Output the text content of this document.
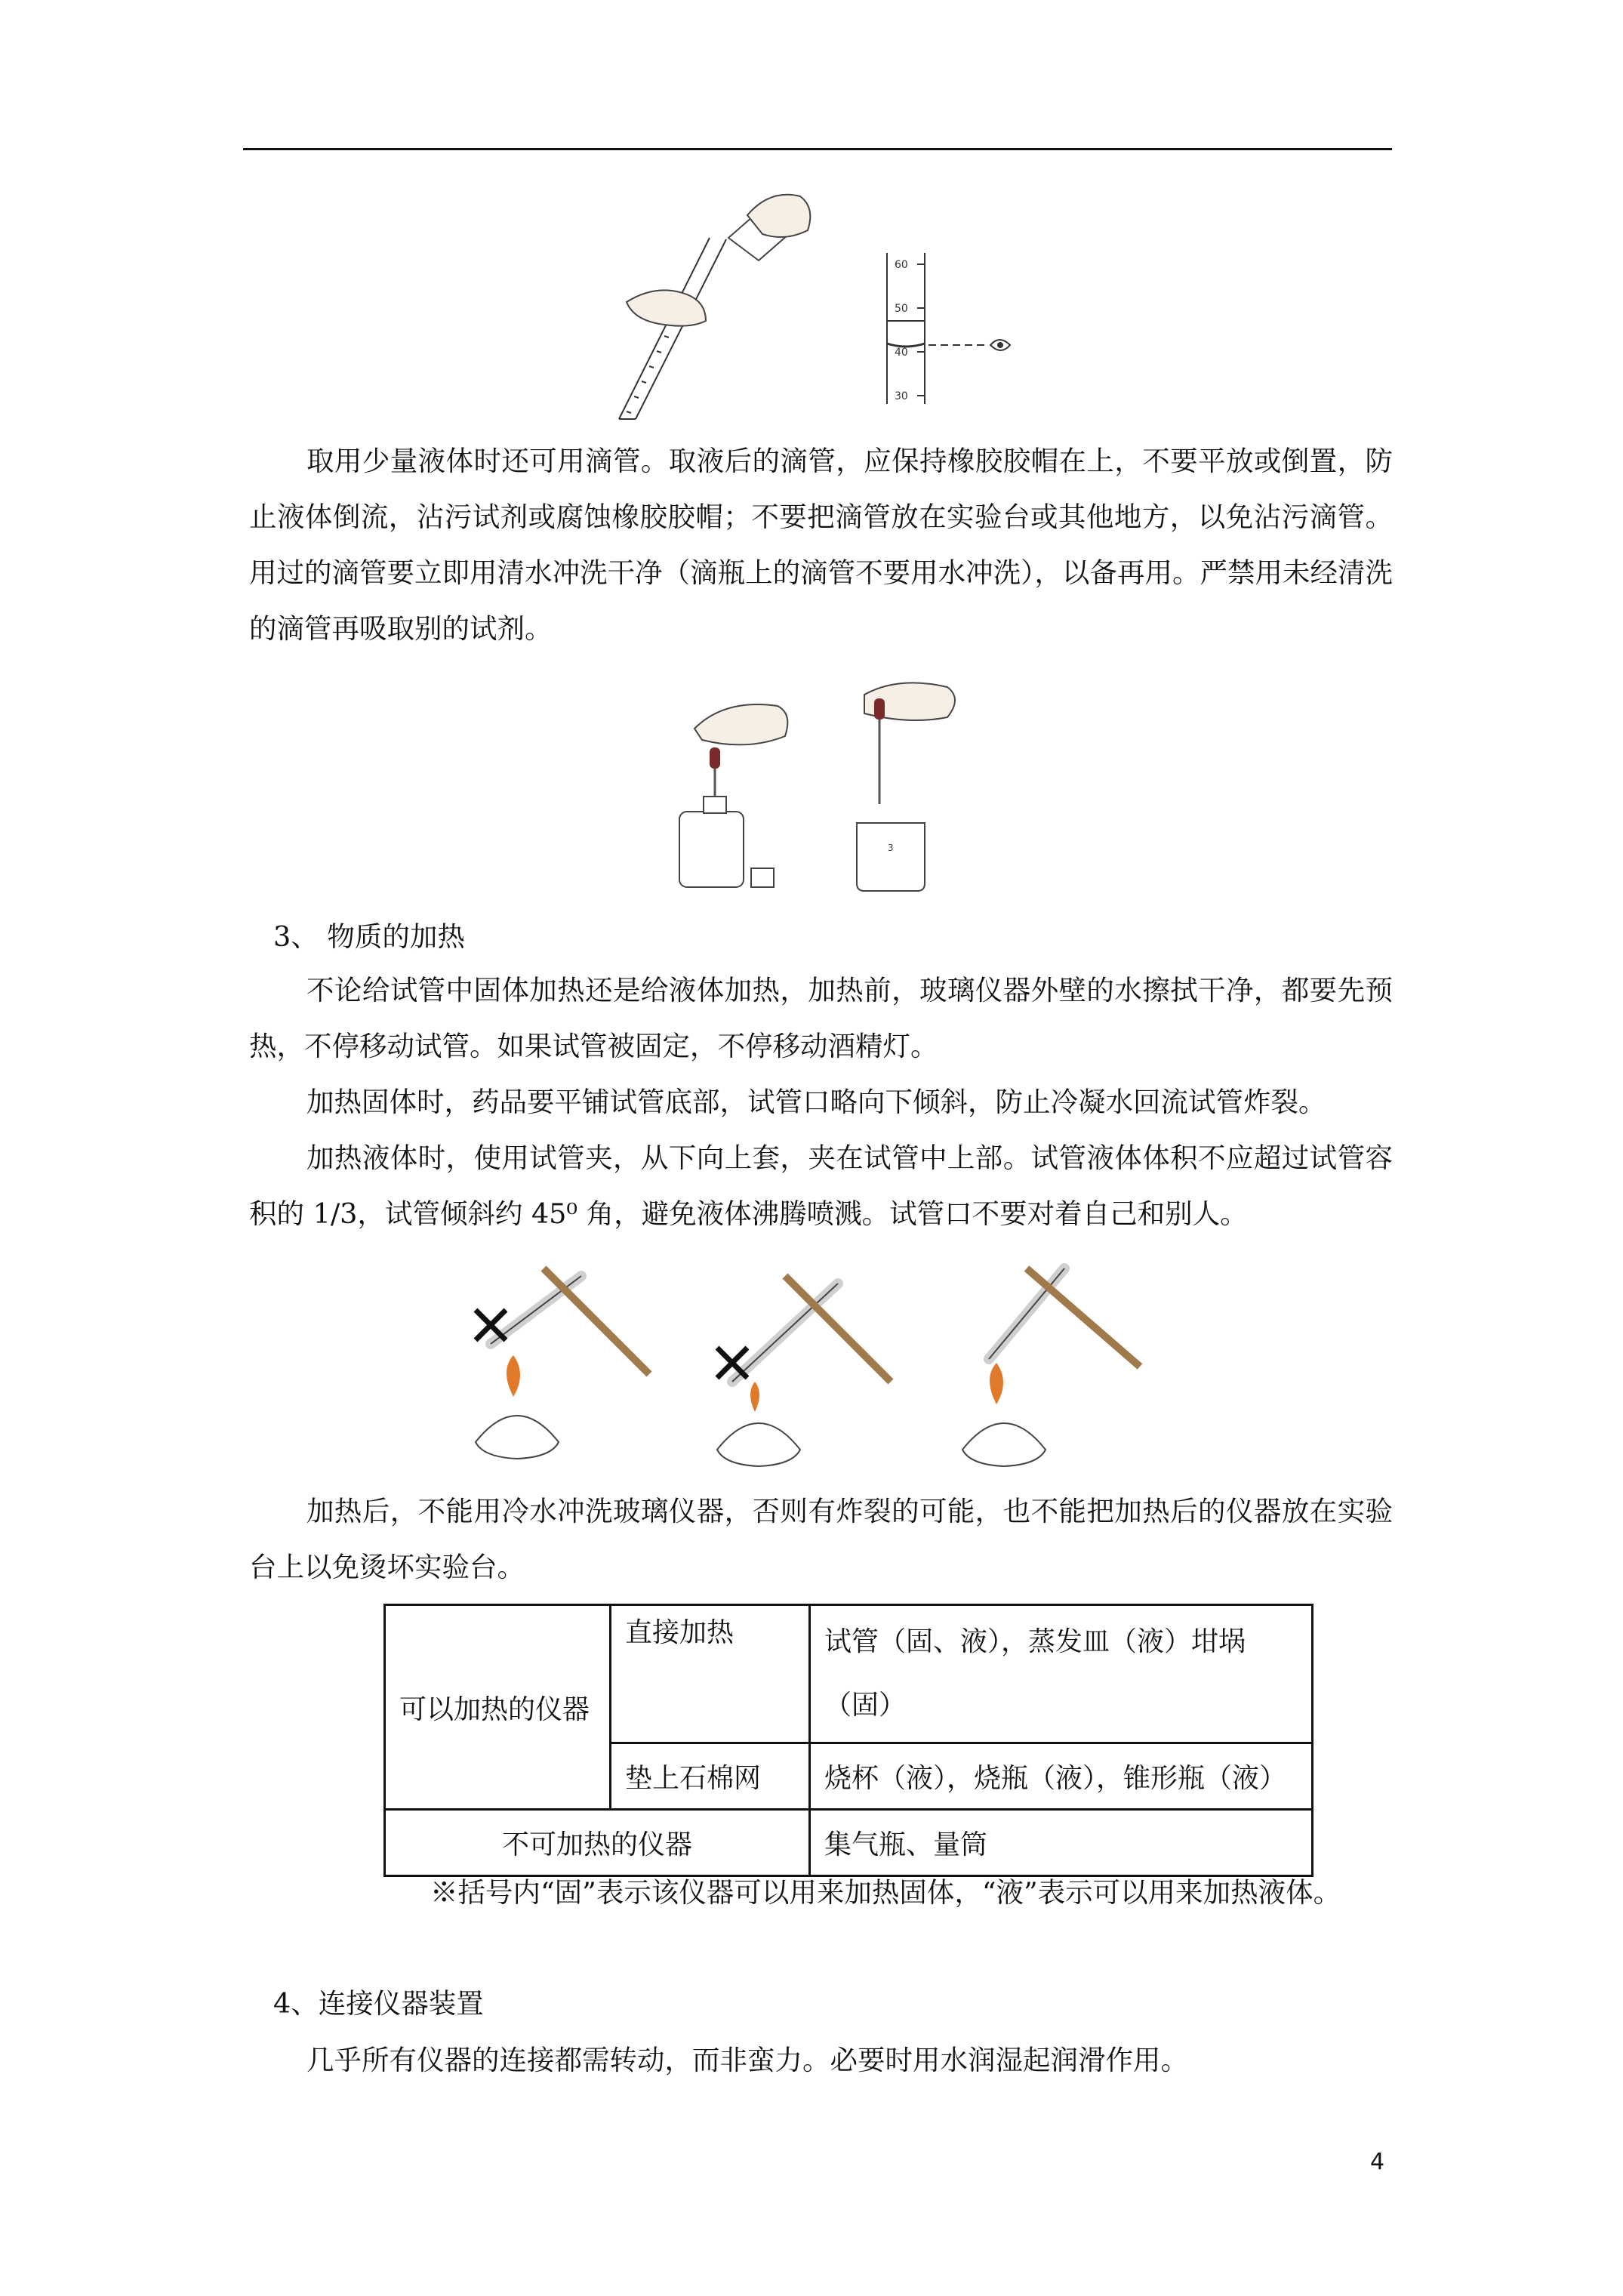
60
50
40
30

取用少量液体时还可用滴管。取液后的滴管，应保持橡胶胶帽在上，不要平放或倒置，防止液体倒流，沾污试剂或腐蚀橡胶胶帽；不要把滴管放在实验台或其他地方，以免沾污滴管。用过的滴管要立即用清水冲洗干净（滴瓶上的滴管不要用水冲洗），以备再用。严禁用未经清洗的滴管再吸取别的试剂。

3
3、 物质的加热

不论给试管中固体加热还是给液体加热，加热前，玻璃仪器外壁的水擦拭干净，都要先预热，不停移动试管。如果试管被固定，不停移动酒精灯。

加热固体时，药品要平铺试管底部，试管口略向下倾斜，防止冷凝水回流试管炸裂。

加热液体时，使用试管夹，从下向上套，夹在试管中上部。试管液体体积不应超过试管容积的 1/3，试管倾斜约 45⁰ 角，避免液体沸腾喷溅。试管口不要对着自己和别人。

加热后，不能用冷水冲洗玻璃仪器，否则有炸裂的可能，也不能把加热后的仪器放在实验台上以免烫坏实验台。

可以加热的仪器	直接加热	试管（固、液），蒸发皿（液）坩埚（固）
	垫上石棉网	烧杯（液），烧瓶（液），锥形瓶（液）
不可加热的仪器		集气瓶、量筒

※括号内“固”表示该仪器可以用来加热固体，“液”表示可以用来加热液体。

4、连接仪器装置
几乎所有仪器的连接都需转动，而非蛮力。必要时用水润湿起润滑作用。
4
